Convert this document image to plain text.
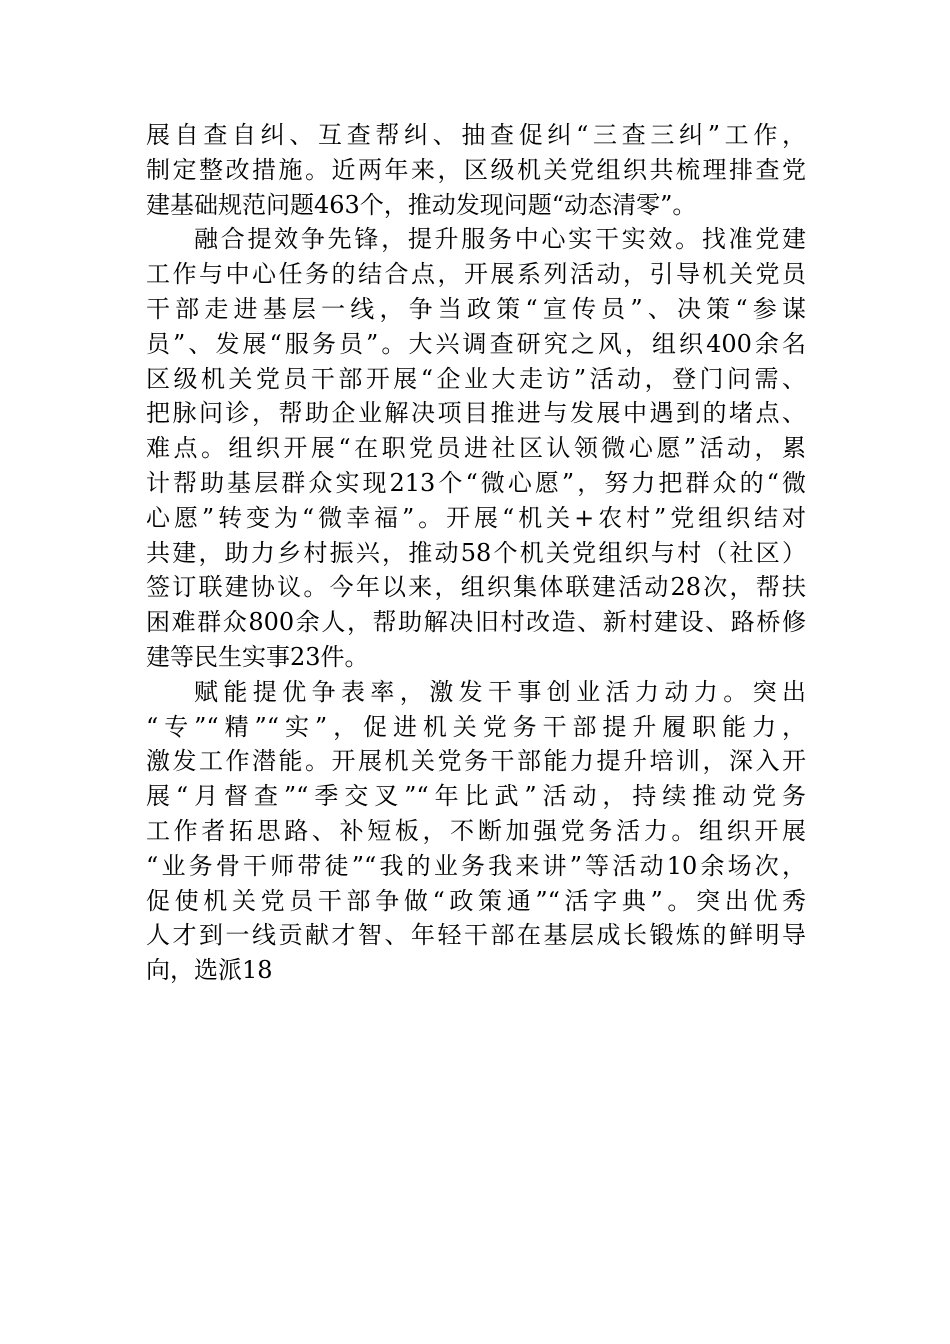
展自查自纠、互查帮纠、抽查促纠“三查三纠”工作，
制定整改措施。近两年来，区级机关党组织共梳理排查党
建基础规范问题463个，推动发现问题“动态清零”。
融合提效争先锋，提升服务中心实干实效。找准党建
工作与中心任务的结合点，开展系列活动，引导机关党员
干部走进基层一线，争当政策“宣传员”、决策“参谋
员”、发展“服务员”。大兴调查研究之风，组织400余名
区级机关党员干部开展“企业大走访”活动，登门问需、
把脉问诊，帮助企业解决项目推进与发展中遇到的堵点、
难点。组织开展“在职党员进社区认领微心愿”活动，累
计帮助基层群众实现213个“微心愿”，努力把群众的“微
心愿”转变为“微幸福”。开展“机关+农村”党组织结对
共建，助力乡村振兴，推动58个机关党组织与村（社区）
签订联建协议。今年以来，组织集体联建活动28次，帮扶
困难群众800余人，帮助解决旧村改造、新村建设、路桥修
建等民生实事23件。
赋能提优争表率，激发干事创业活力动力。突出
“专”“精”“实”，促进机关党务干部提升履职能力，
激发工作潜能。开展机关党务干部能力提升培训，深入开
展“月督查”“季交叉”“年比武”活动，持续推动党务
工作者拓思路、补短板，不断加强党务活力。组织开展
“业务骨干师带徒”“我的业务我来讲”等活动10余场次，
促使机关党员干部争做“政策通”“活字典”。突出优秀
人才到一线贡献才智、年轻干部在基层成长锻炼的鲜明导
向，选派18
